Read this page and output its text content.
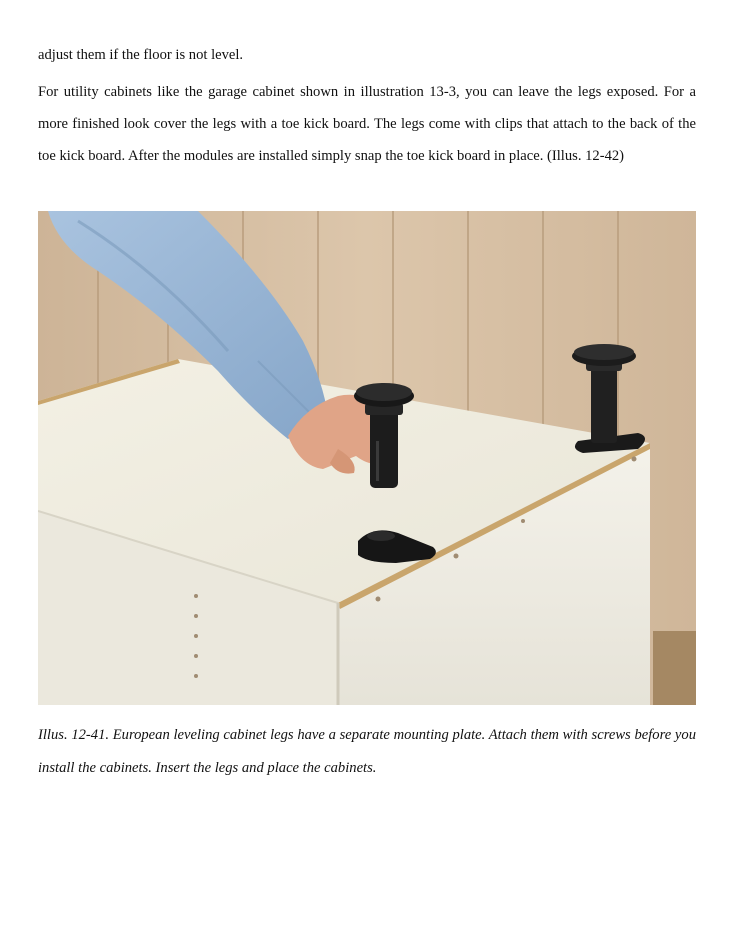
adjust them if the floor is not level.
For utility cabinets like the garage cabinet shown in illustration 13-3, you can leave the legs exposed. For a more finished look cover the legs with a toe kick board. The legs come with clips that attach to the back of the toe kick board. After the modules are installed simply snap the toe kick board in place. (Illus. 12-42)
Illus. 12-41. European leveling cabinet legs have a separate mounting plate. Attach them with screws before you install the cabinets. Insert the legs and place the cabinets.
